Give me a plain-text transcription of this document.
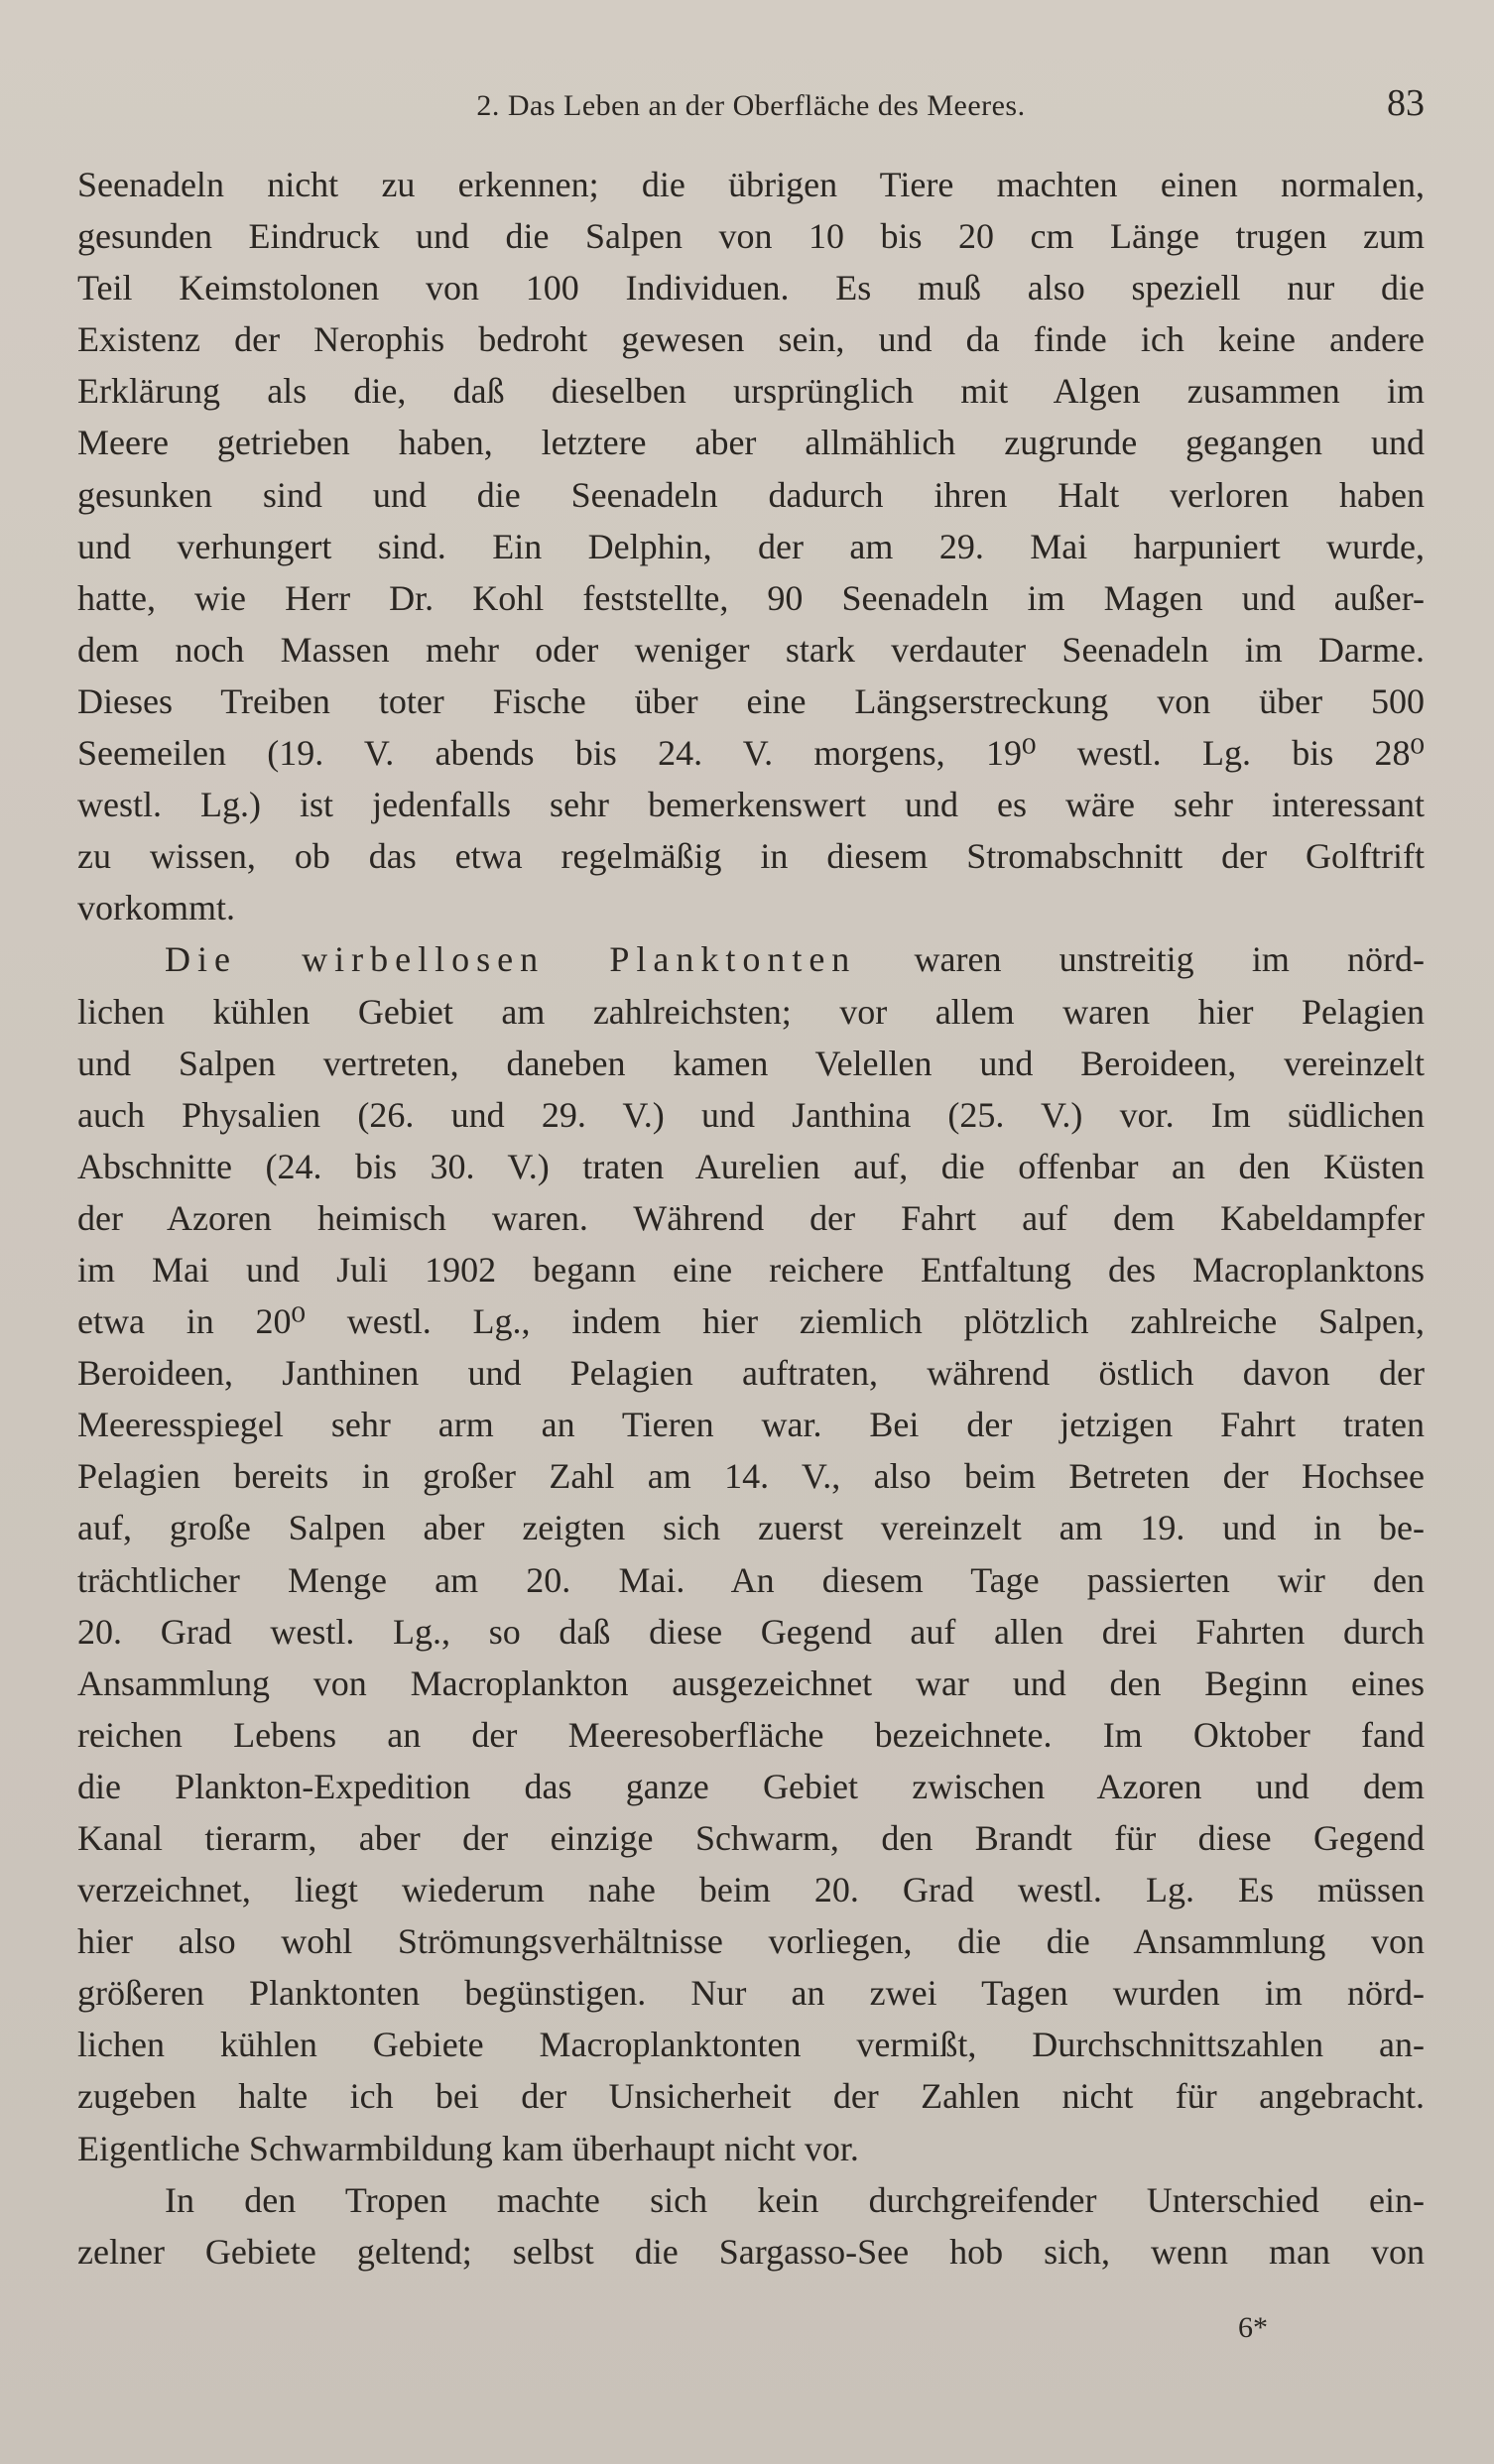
2. Das Leben an der Oberfläche des Meeres.	83
Seenadeln nicht zu erkennen; die übrigen Tiere machten einen normalen,
gesunden Eindruck und die Salpen von 10 bis 20 cm Länge trugen zum
Teil Keimstolonen von 100 Individuen. Es muß also speziell nur die
Existenz der Nerophis bedroht gewesen sein, und da finde ich keine andere
Erklärung als die, daß dieselben ursprünglich mit Algen zusammen im
Meere getrieben haben, letztere aber allmählich zugrunde gegangen und
gesunken sind und die Seenadeln dadurch ihren Halt verloren haben
und verhungert sind. Ein Delphin, der am 29. Mai harpuniert wurde,
hatte, wie Herr Dr. Kohl feststellte, 90 Seenadeln im Magen und außer-
dem noch Massen mehr oder weniger stark verdauter Seenadeln im Darme.
Dieses Treiben toter Fische über eine Längserstreckung von über 500
Seemeilen (19. V. abends bis 24. V. morgens, 19⁰ westl. Lg. bis 28⁰
westl. Lg.) ist jedenfalls sehr bemerkenswert und es wäre sehr interessant
zu wissen, ob das etwa regelmäßig in diesem Stromabschnitt der Golftrift
vorkommt.
Die wirbellosen Planktonten waren unstreitig im nörd-
lichen kühlen Gebiet am zahlreichsten; vor allem waren hier Pelagien
und Salpen vertreten, daneben kamen Velellen und Beroideen, vereinzelt
auch Physalien (26. und 29. V.) und Janthina (25. V.) vor. Im südlichen
Abschnitte (24. bis 30. V.) traten Aurelien auf, die offenbar an den Küsten
der Azoren heimisch waren. Während der Fahrt auf dem Kabeldampfer
im Mai und Juli 1902 begann eine reichere Entfaltung des Macroplanktons
etwa in 20⁰ westl. Lg., indem hier ziemlich plötzlich zahlreiche Salpen,
Beroideen, Janthinen und Pelagien auftraten, während östlich davon der
Meeresspiegel sehr arm an Tieren war. Bei der jetzigen Fahrt traten
Pelagien bereits in großer Zahl am 14. V., also beim Betreten der Hochsee
auf, große Salpen aber zeigten sich zuerst vereinzelt am 19. und in be-
trächtlicher Menge am 20. Mai. An diesem Tage passierten wir den
20. Grad westl. Lg., so daß diese Gegend auf allen drei Fahrten durch
Ansammlung von Macroplankton ausgezeichnet war und den Beginn eines
reichen Lebens an der Meeresoberfläche bezeichnete. Im Oktober fand
die Plankton-Expedition das ganze Gebiet zwischen Azoren und dem
Kanal tierarm, aber der einzige Schwarm, den Brandt für diese Gegend
verzeichnet, liegt wiederum nahe beim 20. Grad westl. Lg. Es müssen
hier also wohl Strömungsverhältnisse vorliegen, die die Ansammlung von
größeren Planktonten begünstigen. Nur an zwei Tagen wurden im nörd-
lichen kühlen Gebiete Macroplanktonten vermißt, Durchschnittszahlen an-
zugeben halte ich bei der Unsicherheit der Zahlen nicht für angebracht.
Eigentliche Schwarmbildung kam überhaupt nicht vor.
In den Tropen machte sich kein durchgreifender Unterschied ein-
zelner Gebiete geltend; selbst die Sargasso-See hob sich, wenn man von
6*
